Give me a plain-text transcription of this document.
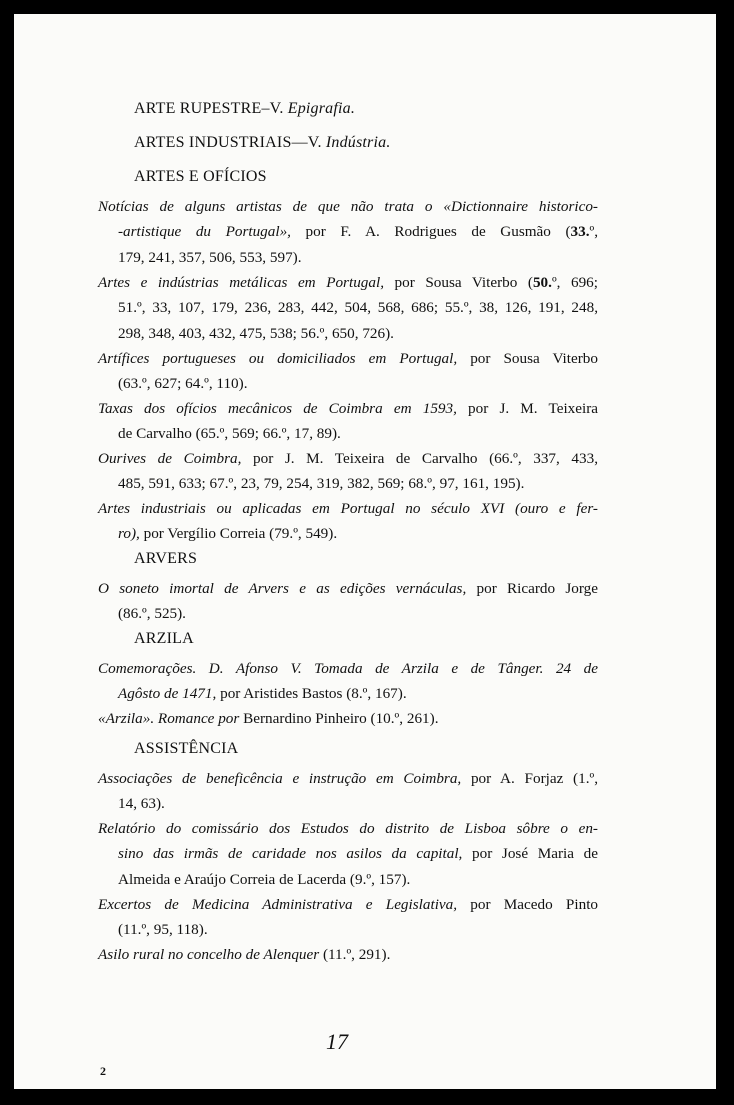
ARTE RUPESTRE–V. Epigrafia.
ARTES INDUSTRIAIS—V. Indústria.
ARTES E OFÍCIOS
Notícias de alguns artistas de que não trata o «Dictionnaire historico-
-artistique du Portugal», por F. A. Rodrigues de Gusmão (33.º,
179, 241, 357, 506, 553, 597).
Artes e indústrias metálicas em Portugal, por Sousa Viterbo (50.º, 696;
51.º, 33, 107, 179, 236, 283, 442, 504, 568, 686; 55.º, 38, 126, 191, 248,
298, 348, 403, 432, 475, 538; 56.º, 650, 726).
Artífices portugueses ou domiciliados em Portugal, por Sousa Viterbo
(63.º, 627; 64.º, 110).
Taxas dos ofícios mecânicos de Coimbra em 1593, por J. M. Teixeira
de Carvalho (65.º, 569; 66.º, 17, 89).
Ourives de Coimbra, por J. M. Teixeira de Carvalho (66.º, 337, 433,
485, 591, 633; 67.º, 23, 79, 254, 319, 382, 569; 68.º, 97, 161, 195).
Artes industriais ou aplicadas em Portugal no século XVI (ouro e fer-
ro), por Vergílio Correia (79.º, 549).
ARVERS
O soneto imortal de Arvers e as edições vernáculas, por Ricardo Jorge
(86.º, 525).
ARZILA
Comemorações. D. Afonso V. Tomada de Arzila e de Tânger. 24 de
Agôsto de 1471, por Aristides Bastos (8.º, 167).
«Arzila». Romance por Bernardino Pinheiro (10.º, 261).
ASSISTÊNCIA
Associações de beneficência e instrução em Coimbra, por A. Forjaz (1.º,
14, 63).
Relatório do comissário dos Estudos do distrito de Lisboa sôbre o en-
sino das irmãs de caridade nos asilos da capital, por José Maria de
Almeida e Araújo Correia de Lacerda (9.º, 157).
Excertos de Medicina Administrativa e Legislativa, por Macedo Pinto
(11.º, 95, 118).
Asilo rural no concelho de Alenquer (11.º, 291).
17
2
